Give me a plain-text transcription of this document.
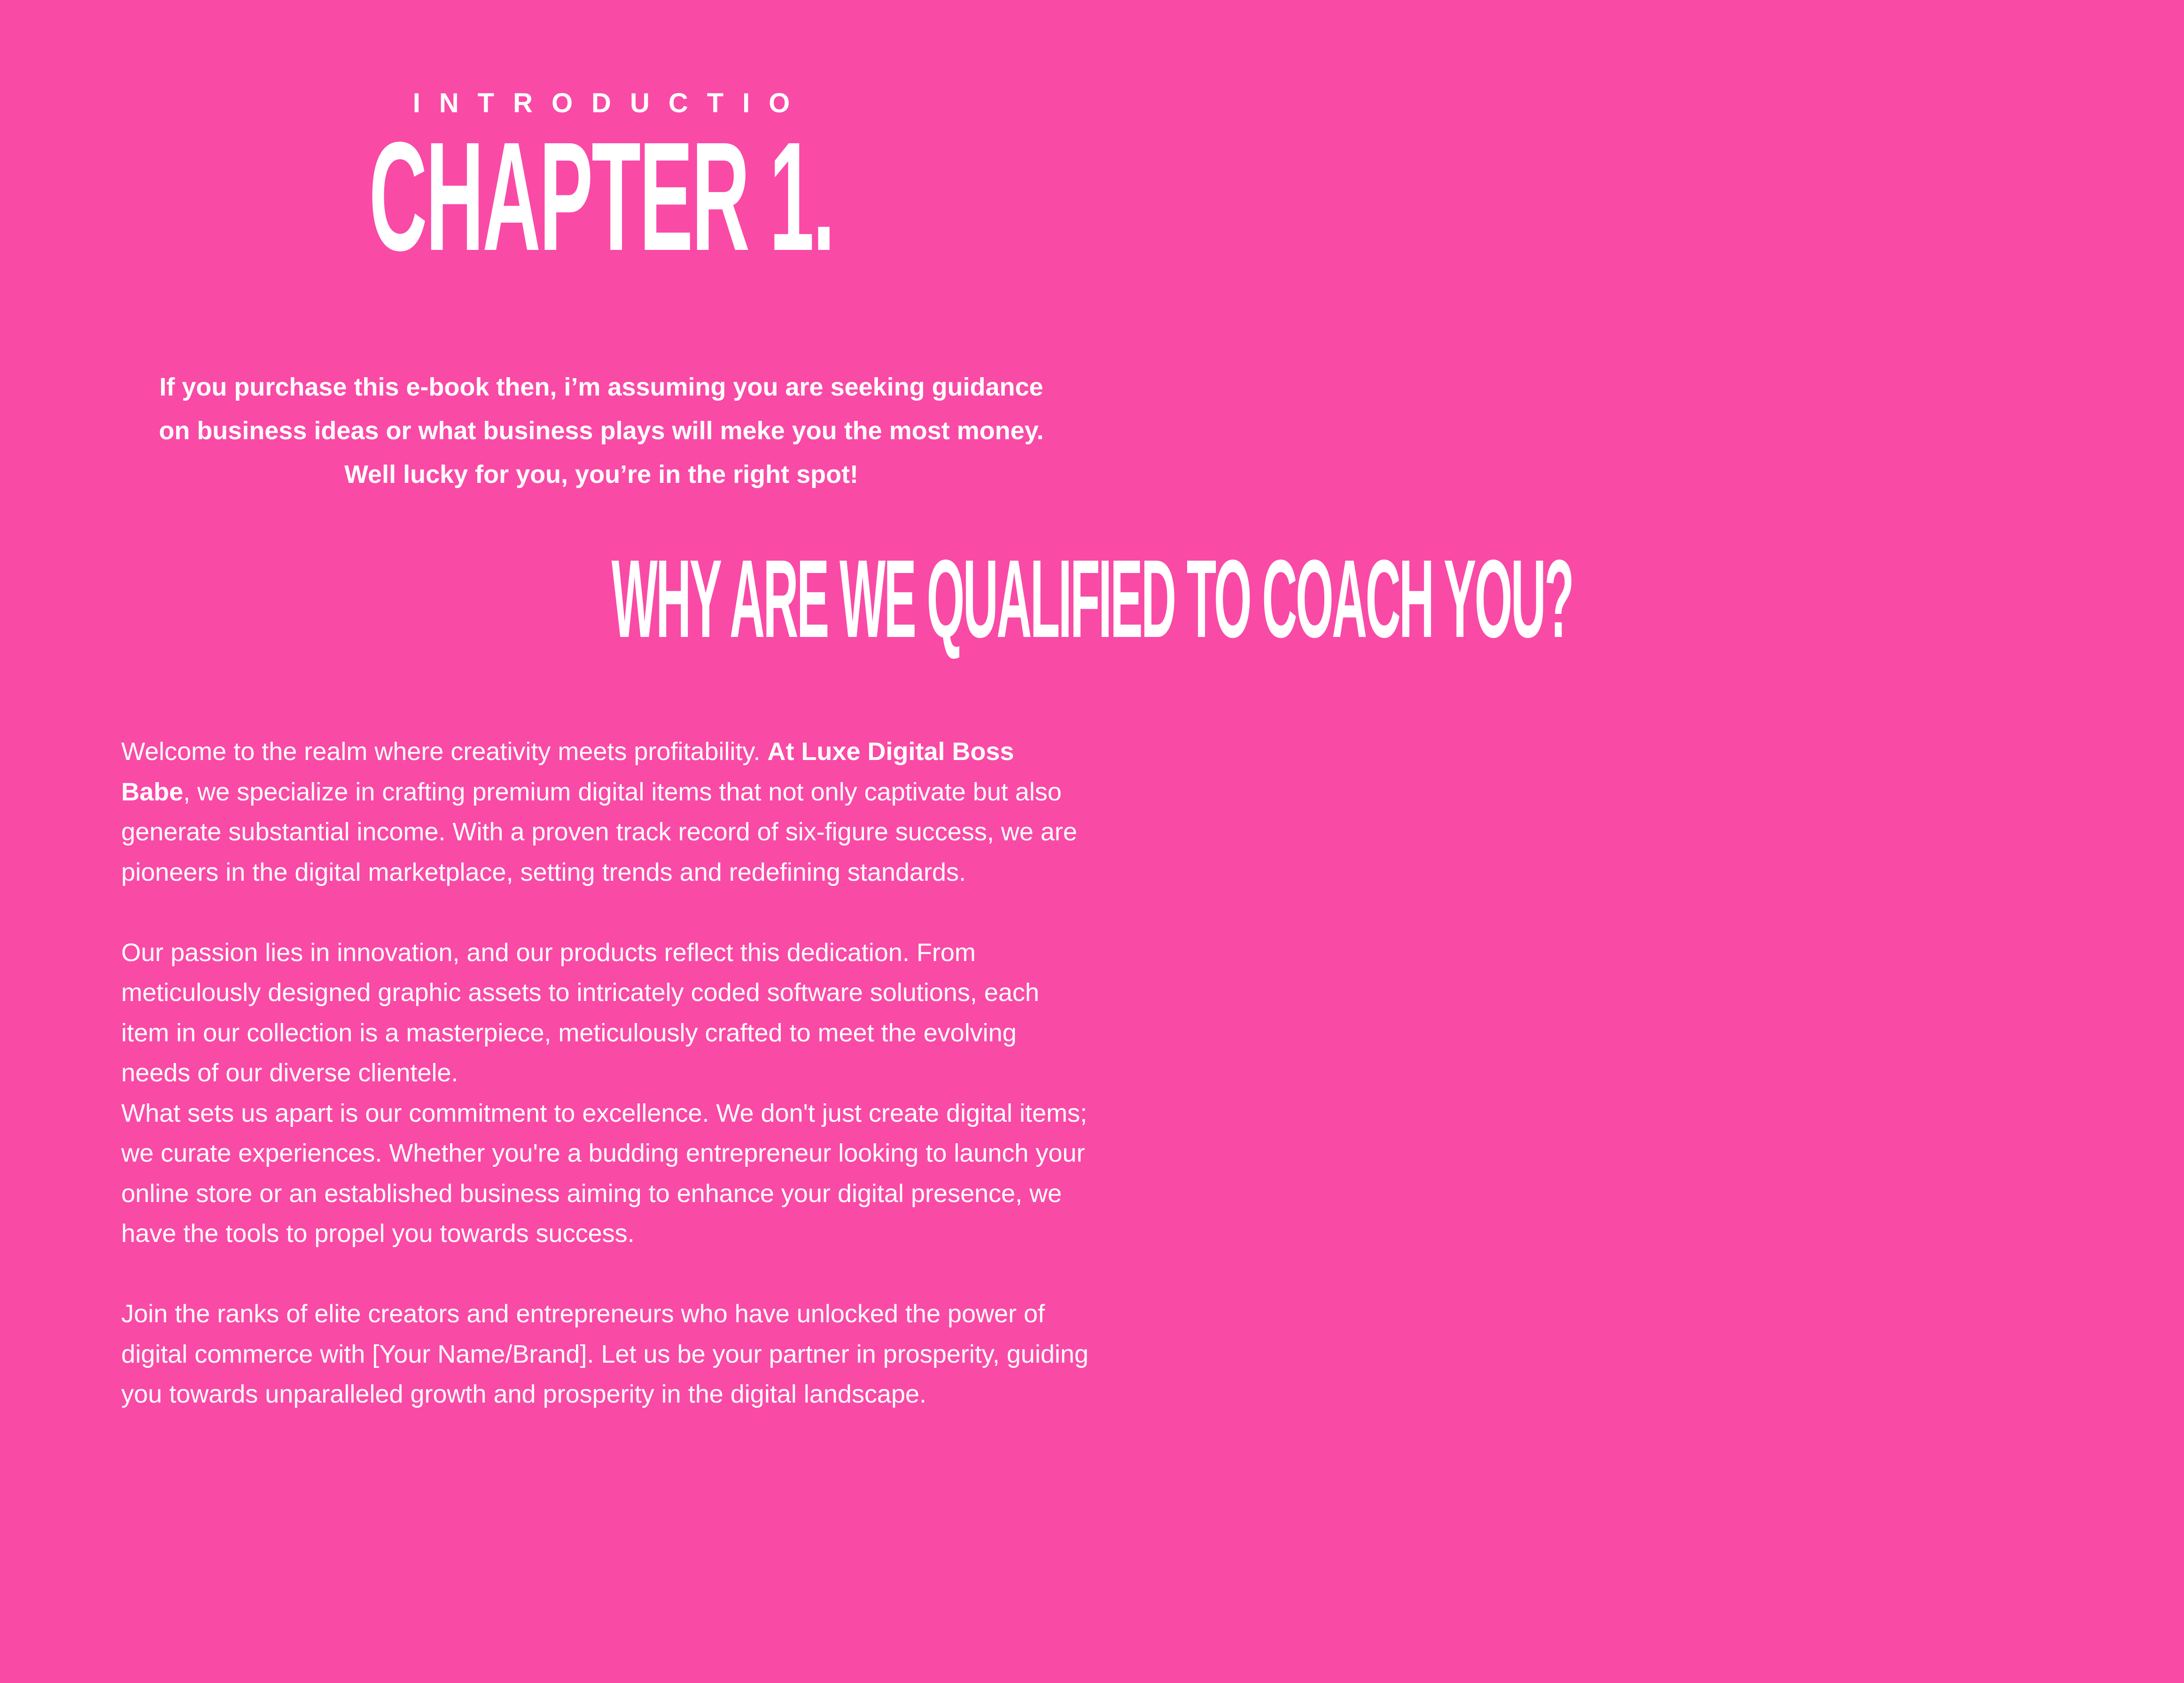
INTRODUCTIO
CHAPTER 1.

If you purchase this e-book then, i’m assuming you are seeking guidance

on business ideas or what business plays will meke you the most money.

Well lucky for you, you’re in the right spot!

WHY ARE WE QUALIFIED TO COACH YOU?

Welcome to the realm where creativity meets profitability. At Luxe Digital Boss Babe, we specialize in crafting premium digital items that not only captivate but also generate substantial income. With a proven track record of six-figure success, we are pioneers in the digital marketplace, setting trends and redefining standards.

Our passion lies in innovation, and our products reflect this dedication. From meticulously designed graphic assets to intricately coded software solutions, each item in our collection is a masterpiece, meticulously crafted to meet the evolving needs of our diverse clientele.

What sets us apart is our commitment to excellence. We don't just create digital items; we curate experiences. Whether you're a budding entrepreneur looking to launch your online store or an established business aiming to enhance your digital presence, we have the tools to propel you towards success.

Join the ranks of elite creators and entrepreneurs who have unlocked the power of digital commerce with [Your Name/Brand]. Let us be your partner in prosperity, guiding you towards unparalleled growth and prosperity in the digital landscape.
